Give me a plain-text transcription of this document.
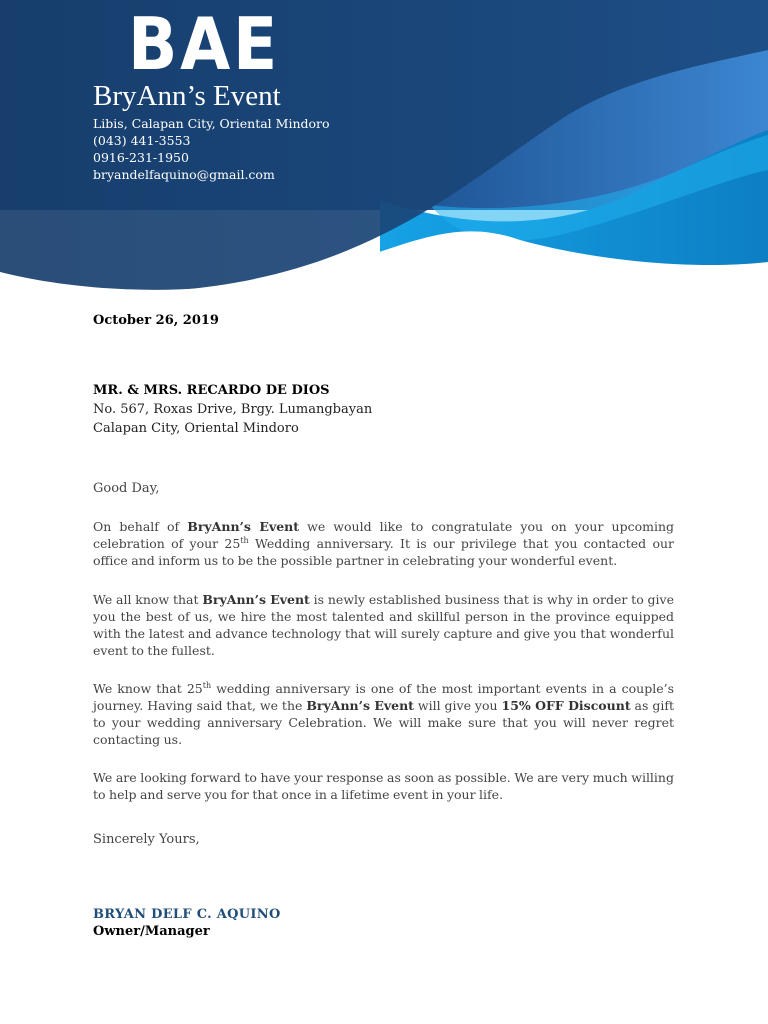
BAE
BryAnn’s Event
Libis, Calapan City, Oriental Mindoro
(043) 441-3553
0916-231-1950
bryandelfaquino@gmail.com
October 26, 2019
MR. & MRS. RECARDO DE DIOS
No. 567, Roxas Drive, Brgy. Lumangbayan
Calapan City, Oriental Mindoro
Good Day,
On behalf of BryAnn’s Event we would like to congratulate you on your upcoming celebration of your 25th Wedding anniversary. It is our privilege that you contacted our office and inform us to be the possible partner in celebrating your wonderful event.
We all know that BryAnn’s Event is newly established business that is why in order to give you the best of us, we hire the most talented and skillful person in the province equipped with the latest and advance technology that will surely capture and give you that wonderful event to the fullest.
We know that 25th wedding anniversary is one of the most important events in a couple’s journey. Having said that, we the BryAnn’s Event will give you 15% OFF Discount as gift to your wedding anniversary Celebration. We will make sure that you will never regret contacting us.
We are looking forward to have your response as soon as possible. We are very much willing to help and serve you for that once in a lifetime event in your life.
Sincerely Yours,
BRYAN DELF C. AQUINO
Owner/Manager
